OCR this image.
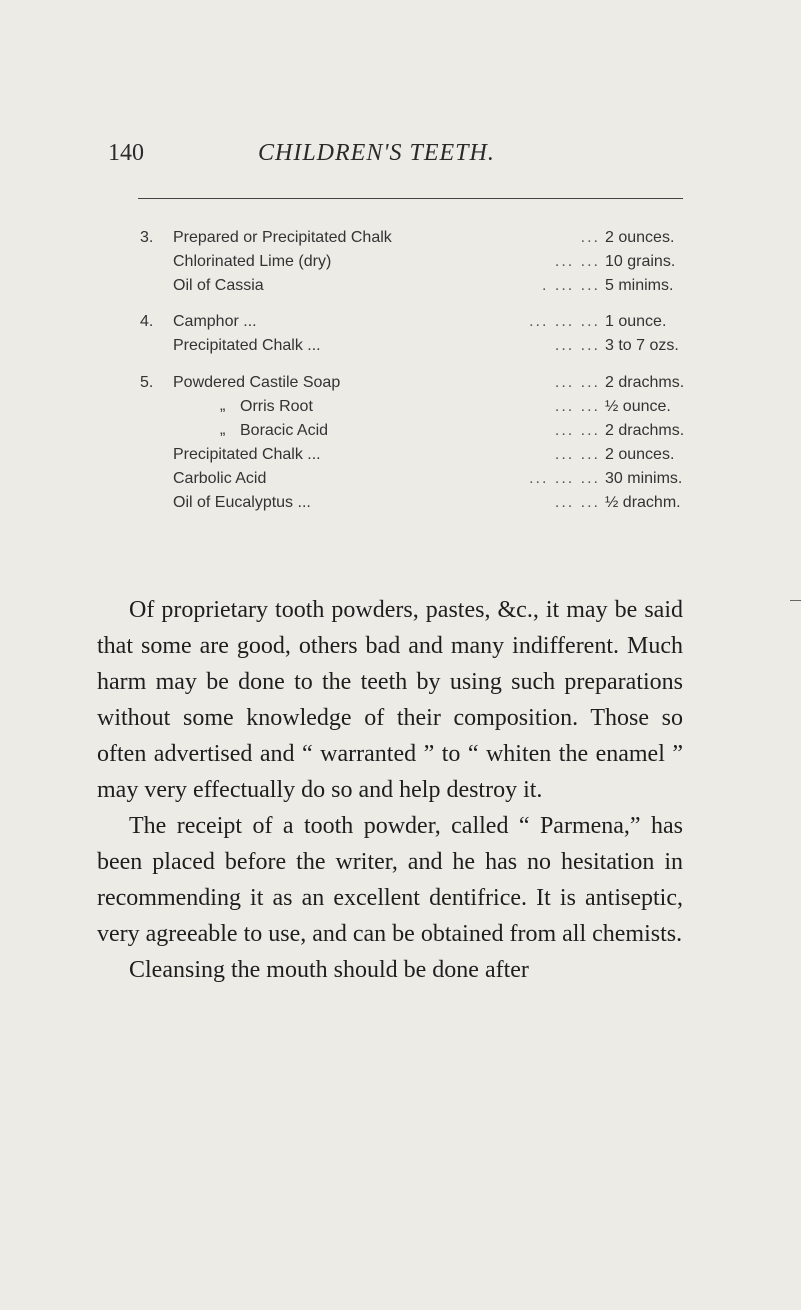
140	CHILDREN'S TEETH.
3. Prepared or Precipitated Chalk	... 2 ounces.
Chlorinated Lime (dry)	... ... 10 grains.
Oil of Cassia	. ... ... 5 minims.
4. Camphor ...	... ... ... 1 ounce.
Precipitated Chalk ...	... ... 3 to 7 ozs.
5. Powdered Castile Soap	... ... 2 drachms.
„ Orris Root	... ... ½ ounce.
„ Boracic Acid	... ... 2 drachms.
Precipitated Chalk ...	... ... 2 ounces.
Carbolic Acid	... ... ... 30 minims.
Oil of Eucalyptus ...	... ... ½ drachm.

Of proprietary tooth powders, pastes, &c., it may be said that some are good, others bad and many indifferent. Much harm may be done to the teeth by using such preparations without some knowledge of their composition. Those so often advertised and “ warranted ” to “ whiten the enamel ” may very effectually do so and help destroy it.

The receipt of a tooth powder, called “ Parmena,” has been placed before the writer, and he has no hesitation in recommending it as an excellent dentifrice. It is antiseptic, very agreeable to use, and can be obtained from all chemists.

Cleansing the mouth should be done after
